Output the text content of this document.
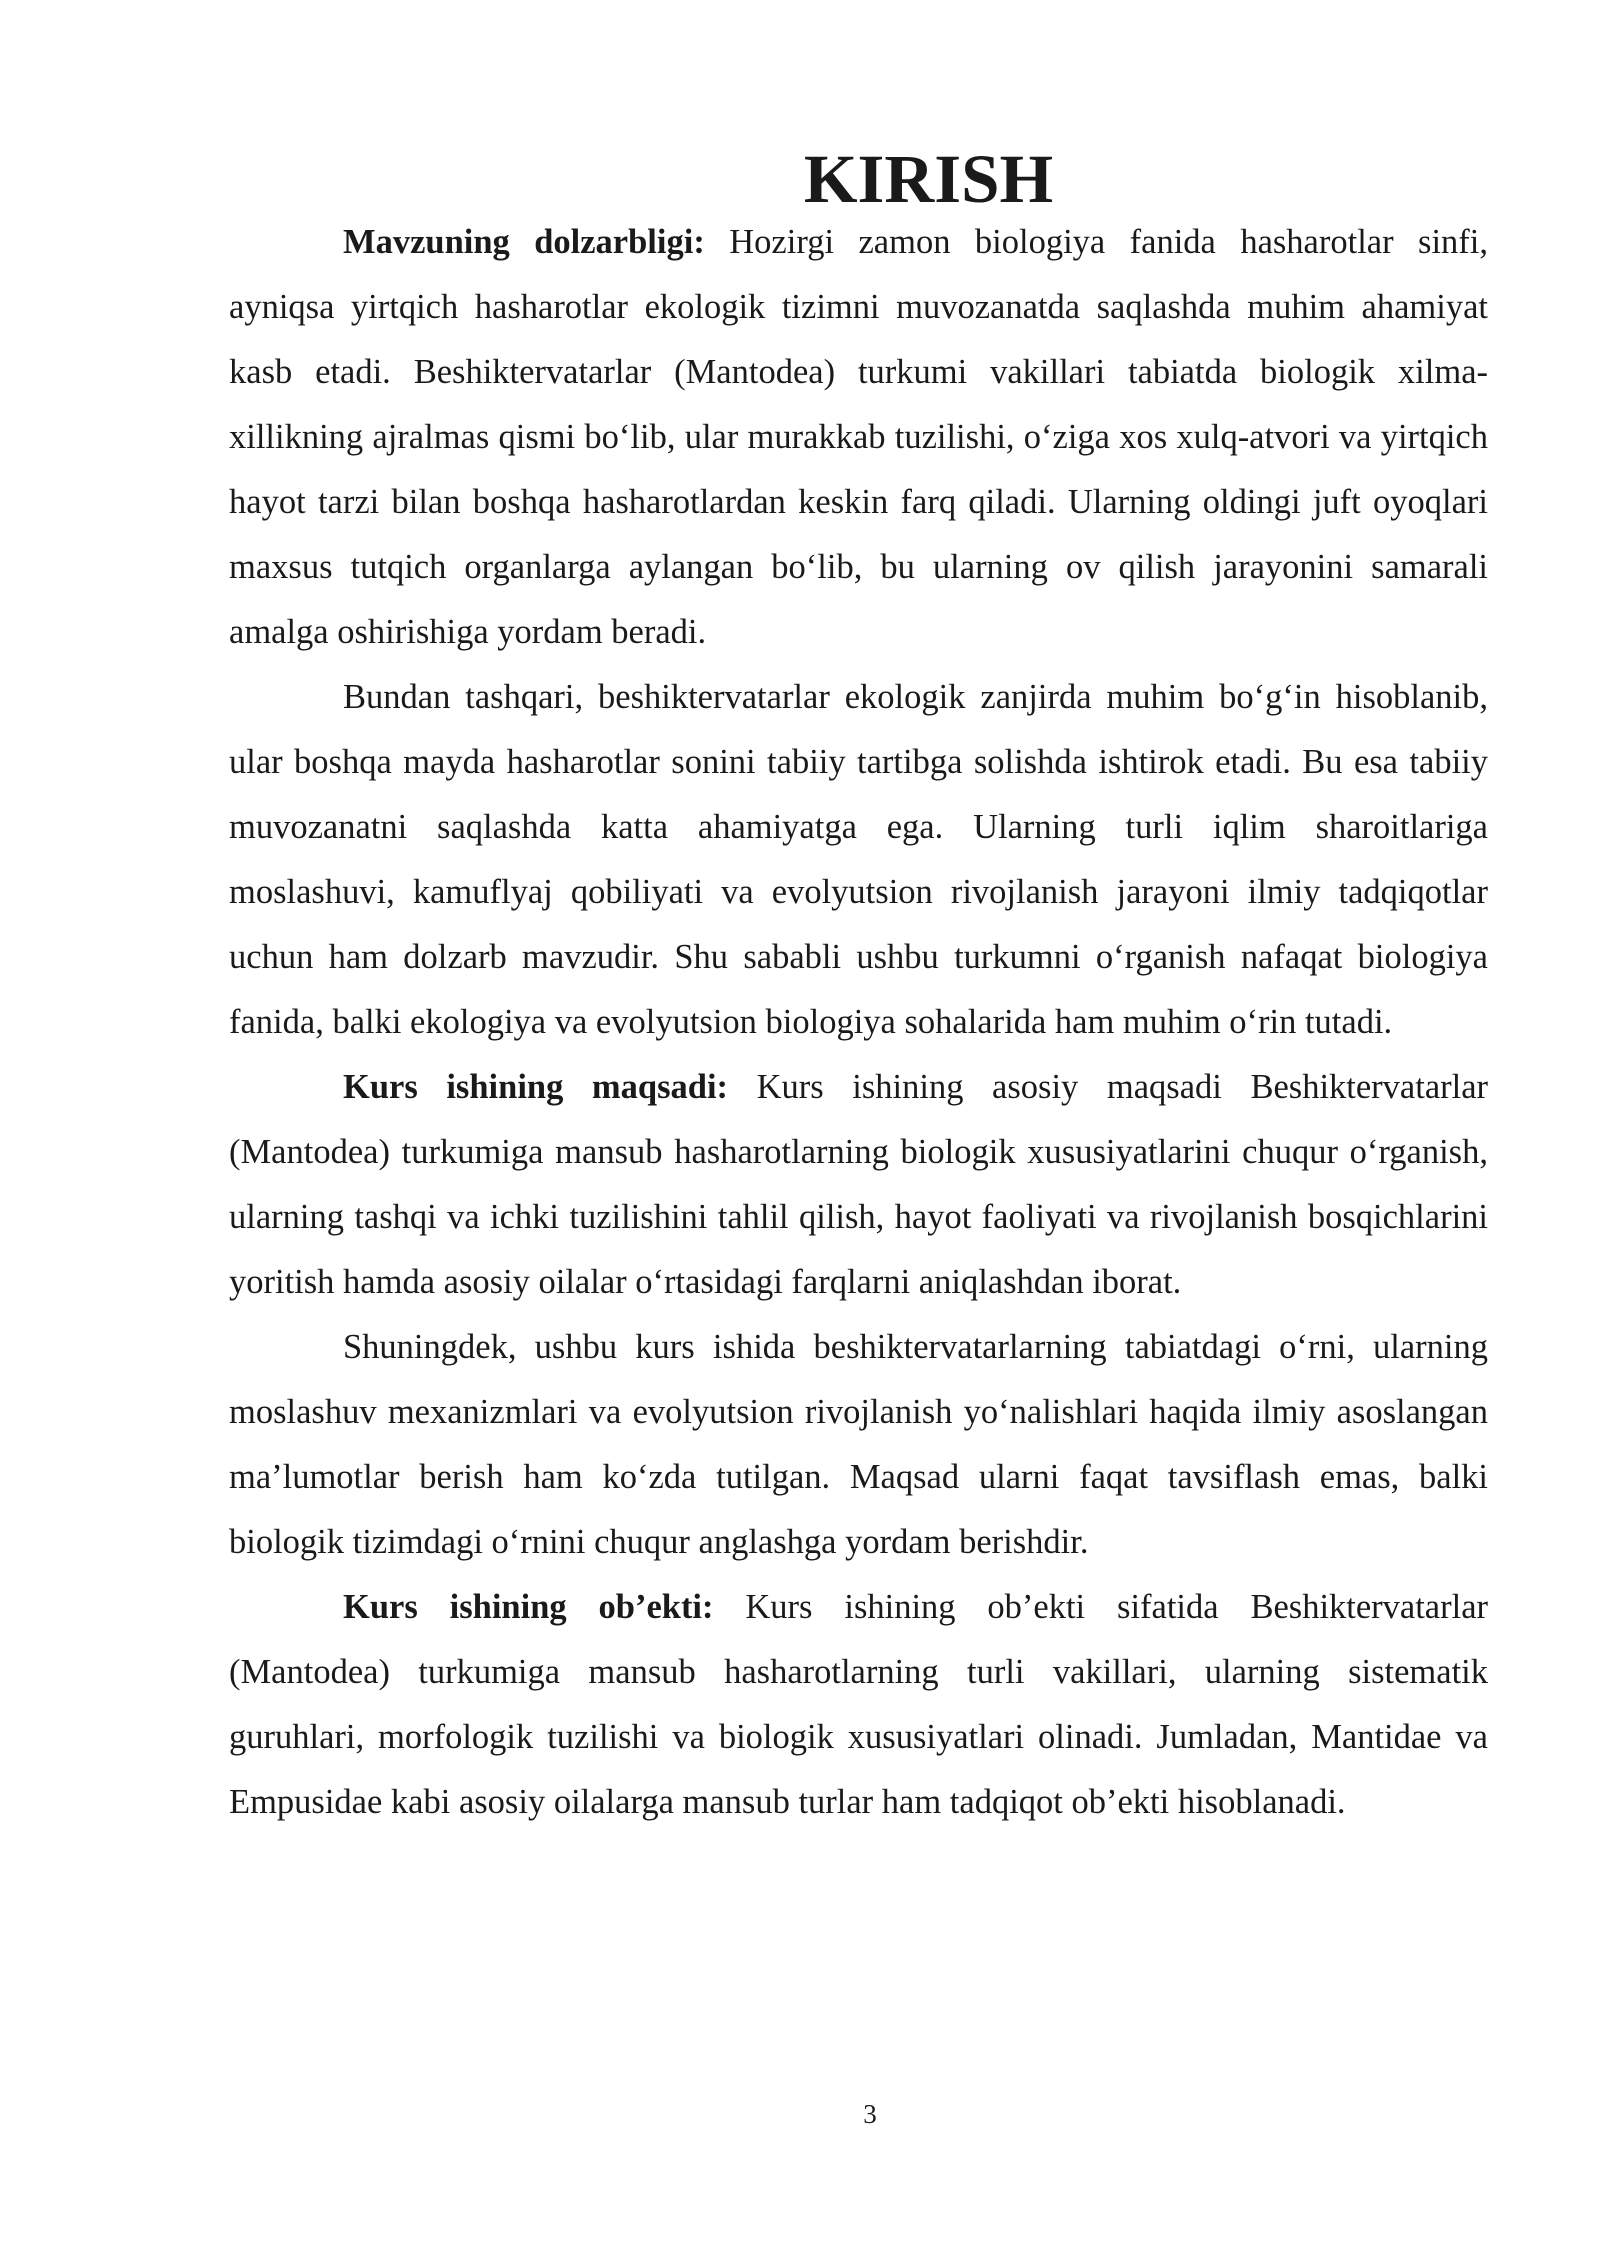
KIRISH

Mavzuning dolzarbligi: Hozirgi zamon biologiya fanida hasharotlar sinfi, ayniqsa yirtqich hasharotlar ekologik tizimni muvozanatda saqlashda muhim ahamiyat kasb etadi. Beshiktervatarlar (Mantodea) turkumi vakillari tabiatda biologik xilma-xillikning ajralmas qismi bo‘lib, ular murakkab tuzilishi, o‘ziga xos xulq-atvori va yirtqich hayot tarzi bilan boshqa hasharotlardan keskin farq qiladi. Ularning oldingi juft oyoqlari maxsus tutqich organlarga aylangan bo‘lib, bu ularning ov qilish jarayonini samarali amalga oshirishiga yordam beradi.

Bundan tashqari, beshiktervatarlar ekologik zanjirda muhim bo‘g‘in hisoblanib, ular boshqa mayda hasharotlar sonini tabiiy tartibga solishda ishtirok etadi. Bu esa tabiiy muvozanatni saqlashda katta ahamiyatga ega. Ularning turli iqlim sharoitlariga moslashuvi, kamuflyaj qobiliyati va evolyutsion rivojlanish jarayoni ilmiy tadqiqotlar uchun ham dolzarb mavzudir. Shu sababli ushbu turkumni o‘rganish nafaqat biologiya fanida, balki ekologiya va evolyutsion biologiya sohalarida ham muhim o‘rin tutadi.

Kurs ishining maqsadi: Kurs ishining asosiy maqsadi Beshiktervatarlar (Mantodea) turkumiga mansub hasharotlarning biologik xususiyatlarini chuqur o‘rganish, ularning tashqi va ichki tuzilishini tahlil qilish, hayot faoliyati va rivojlanish bosqichlarini yoritish hamda asosiy oilalar o‘rtasidagi farqlarni aniqlashdan iborat.

Shuningdek, ushbu kurs ishida beshiktervatarlarning tabiatdagi o‘rni, ularning moslashuv mexanizmlari va evolyutsion rivojlanish yo‘nalishlari haqida ilmiy asoslangan ma’lumotlar berish ham ko‘zda tutilgan. Maqsad ularni faqat tavsiflash emas, balki biologik tizimdagi o‘rnini chuqur anglashga yordam berishdir.

Kurs ishining ob’ekti: Kurs ishining ob’ekti sifatida Beshiktervatarlar (Mantodea) turkumiga mansub hasharotlarning turli vakillari, ularning sistematik guruhlari, morfologik tuzilishi va biologik xususiyatlari olinadi. Jumladan, Mantidae va Empusidae kabi asosiy oilalarga mansub turlar ham tadqiqot ob’ekti hisoblanadi.

3
